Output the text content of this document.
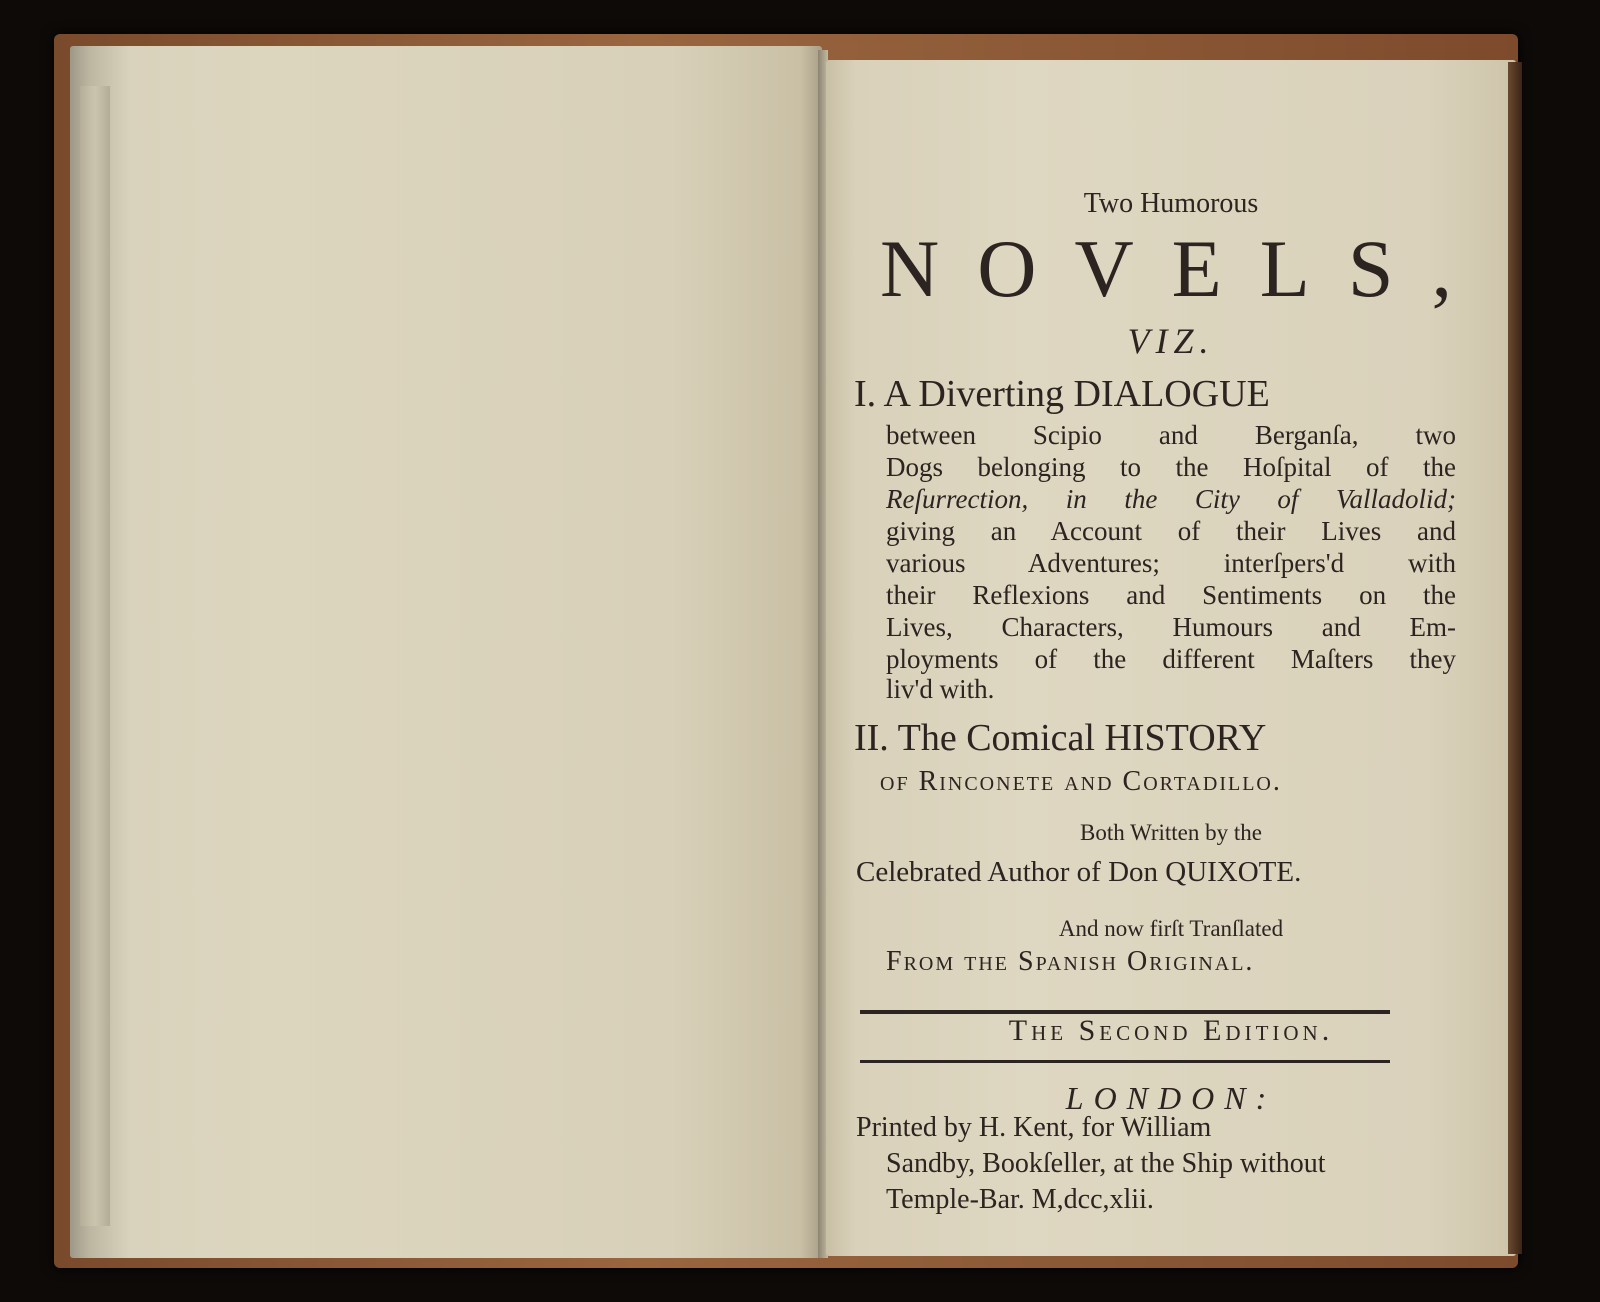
Two Humorous
NOVELS,
VIZ.
I. A Diverting DIALOGUE
between Scipio and Berganſa, two
Dogs belonging to the Hoſpital of the
Reſurrection, in the City of Valladolid;
giving an Account of their Lives and
various Adventures; interſpers'd with
their Reflexions and Sentiments on the
Lives, Characters, Humours and Em-
ployments of the different Maſters they
liv'd with.
II. The Comical HISTORY
of Rinconete and Cortadillo.
Both Written by the
Celebrated Author of Don QUIXOTE.
And now firſt Tranſlated
From the Spanish Original.
The Second Edition.
LONDON:
Printed by H. Kent, for William
Sandby, Bookſeller, at the Ship without
Temple-Bar. M,dcc,xlii.
